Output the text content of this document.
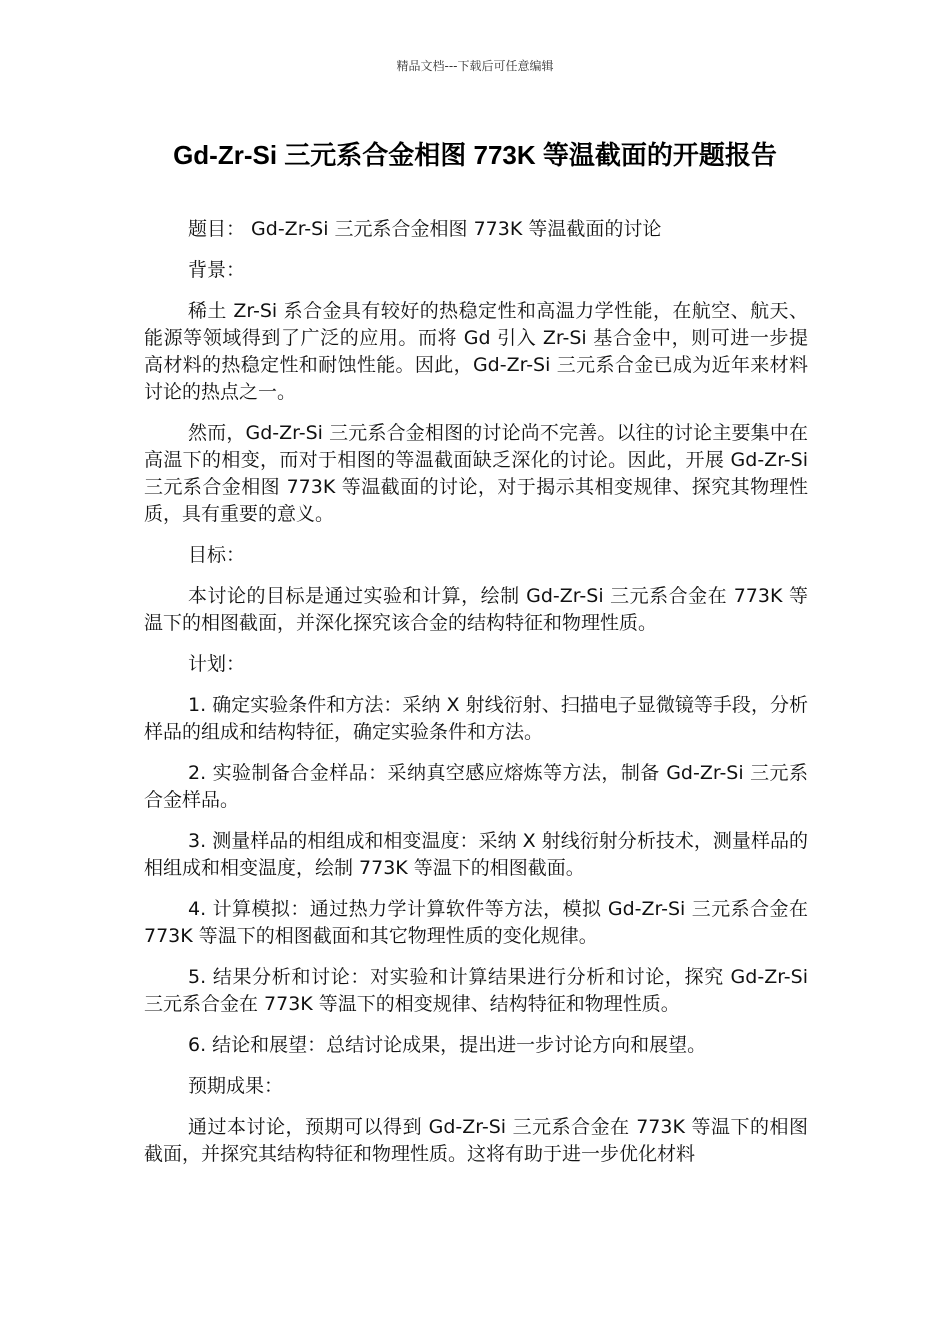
精品文档---下载后可任意编辑
Gd-Zr-Si 三元系合金相图 773K 等温截面的开题报告

题目： Gd-Zr-Si 三元系合金相图 773K 等温截面的讨论

背景：

稀土 Zr-Si 系合金具有较好的热稳定性和高温力学性能，在航空、航天、能源等领域得到了广泛的应用。而将 Gd 引入 Zr-Si 基合金中，则可进一步提高材料的热稳定性和耐蚀性能。因此，Gd-Zr-Si 三元系合金已成为近年来材料讨论的热点之一。

然而，Gd-Zr-Si 三元系合金相图的讨论尚不完善。以往的讨论主要集中在高温下的相变，而对于相图的等温截面缺乏深化的讨论。因此，开展 Gd-Zr-Si 三元系合金相图 773K 等温截面的讨论，对于揭示其相变规律、探究其物理性质，具有重要的意义。

目标：

本讨论的目标是通过实验和计算，绘制 Gd-Zr-Si 三元系合金在 773K 等温下的相图截面，并深化探究该合金的结构特征和物理性质。

计划：

1. 确定实验条件和方法：采纳 X 射线衍射、扫描电子显微镜等手段，分析样品的组成和结构特征，确定实验条件和方法。

2. 实验制备合金样品：采纳真空感应熔炼等方法，制备 Gd-Zr-Si 三元系合金样品。

3. 测量样品的相组成和相变温度：采纳 X 射线衍射分析技术，测量样品的相组成和相变温度，绘制 773K 等温下的相图截面。

4. 计算模拟：通过热力学计算软件等方法，模拟 Gd-Zr-Si 三元系合金在 773K 等温下的相图截面和其它物理性质的变化规律。

5. 结果分析和讨论：对实验和计算结果进行分析和讨论，探究 Gd-Zr-Si 三元系合金在 773K 等温下的相变规律、结构特征和物理性质。

6. 结论和展望：总结讨论成果，提出进一步讨论方向和展望。

预期成果：

通过本讨论，预期可以得到 Gd-Zr-Si 三元系合金在 773K 等温下的相图截面，并探究其结构特征和物理性质。这将有助于进一步优化材料
